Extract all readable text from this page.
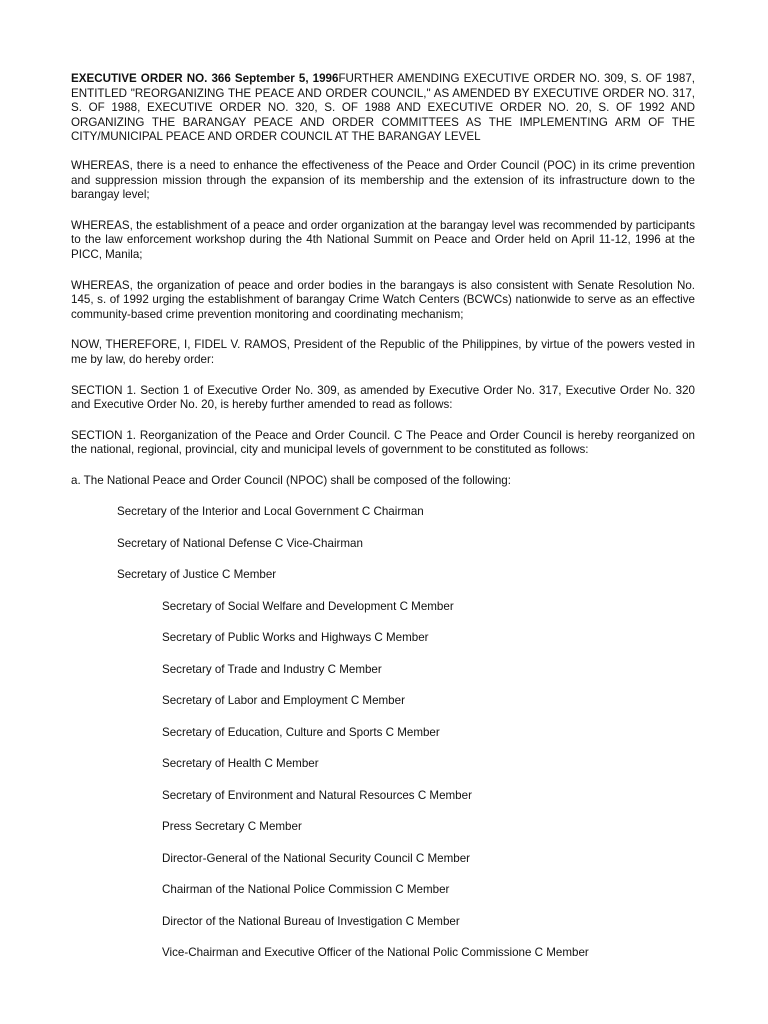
EXECUTIVE ORDER NO. 366 September 5, 1996FURTHER AMENDING EXECUTIVE ORDER NO. 309, S. OF 1987, ENTITLED "REORGANIZING THE PEACE AND ORDER COUNCIL," AS AMENDED BY EXECUTIVE ORDER NO. 317, S. OF 1988, EXECUTIVE ORDER NO. 320, S. OF 1988 AND EXECUTIVE ORDER NO. 20, S. OF 1992 AND ORGANIZING THE BARANGAY PEACE AND ORDER COMMITTEES AS THE IMPLEMENTING ARM OF THE CITY/MUNICIPAL PEACE AND ORDER COUNCIL AT THE BARANGAY LEVEL

WHEREAS, there is a need to enhance the effectiveness of the Peace and Order Council (POC) in its crime prevention and suppression mission through the expansion of its membership and the extension of its infrastructure down to the barangay level;

WHEREAS, the establishment of a peace and order organization at the barangay level was recommended by participants to the law enforcement workshop during the 4th National Summit on Peace and Order held on April 11-12, 1996 at the PICC, Manila;

WHEREAS, the organization of peace and order bodies in the barangays is also consistent with Senate Resolution No. 145, s. of 1992 urging the establishment of barangay Crime Watch Centers (BCWCs) nationwide to serve as an effective community-based crime prevention monitoring and coordinating mechanism;

NOW, THEREFORE, I, FIDEL V. RAMOS, President of the Republic of the Philippines, by virtue of the powers vested in me by law, do hereby order:

SECTION 1. Section 1 of Executive Order No. 309, as amended by Executive Order No. 317, Executive Order No. 320 and Executive Order No. 20, is hereby further amended to read as follows:

SECTION 1. Reorganization of the Peace and Order Council. C The Peace and Order Council is hereby reorganized on the national, regional, provincial, city and municipal levels of government to be constituted as follows:

a. The National Peace and Order Council (NPOC) shall be composed of the following:

Secretary of the Interior and Local Government C Chairman
Secretary of National Defense C Vice-Chairman
Secretary of Justice C Member
Secretary of Social Welfare and Development C Member
Secretary of Public Works and Highways C Member
Secretary of Trade and Industry C Member
Secretary of Labor and Employment C Member
Secretary of Education, Culture and Sports C Member
Secretary of Health C Member
Secretary of Environment and Natural Resources C Member
Press Secretary C Member
Director-General of the National Security Council C Member
Chairman of the National Police Commission C Member
Director of the National Bureau of Investigation C Member
Vice-Chairman and Executive Officer of the National Polic Commissione C Member
